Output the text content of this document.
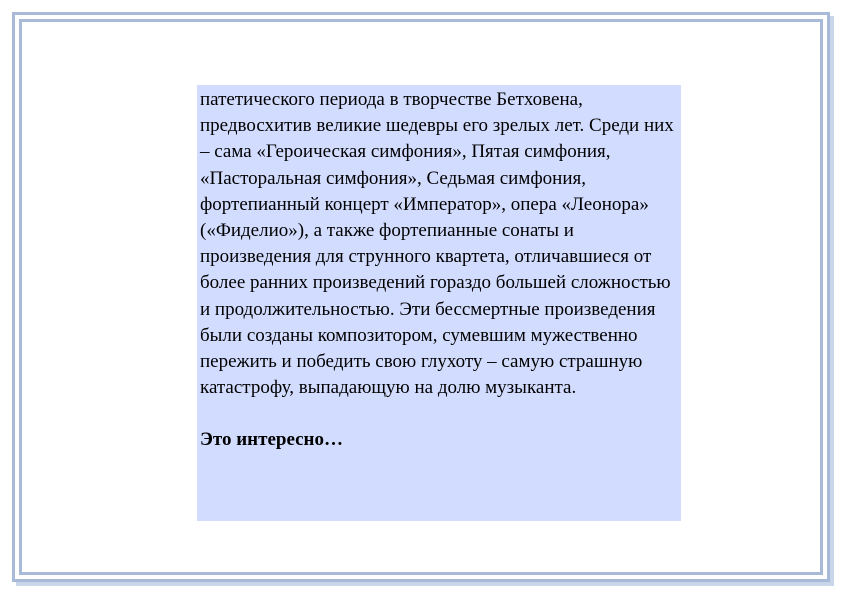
патетического периода в творчестве Бетховена, предвосхитив великие шедевры его зрелых лет. Среди них – сама «Героическая симфония», Пятая симфония, «Пасторальная симфония», Седьмая симфония, фортепианный концерт «Император», опера «Леонора» («Фиделио»), а также фортепианные сонаты и произведения для струнного квартета, отличавшиеся от более ранних произведений гораздо большей сложностью и продолжительностью. Эти бессмертные произведения были созданы композитором, сумевшим мужественно пережить и победить свою глухоту – самую страшную катастрофу, выпадающую на долю музыканта.

Это интересно…
